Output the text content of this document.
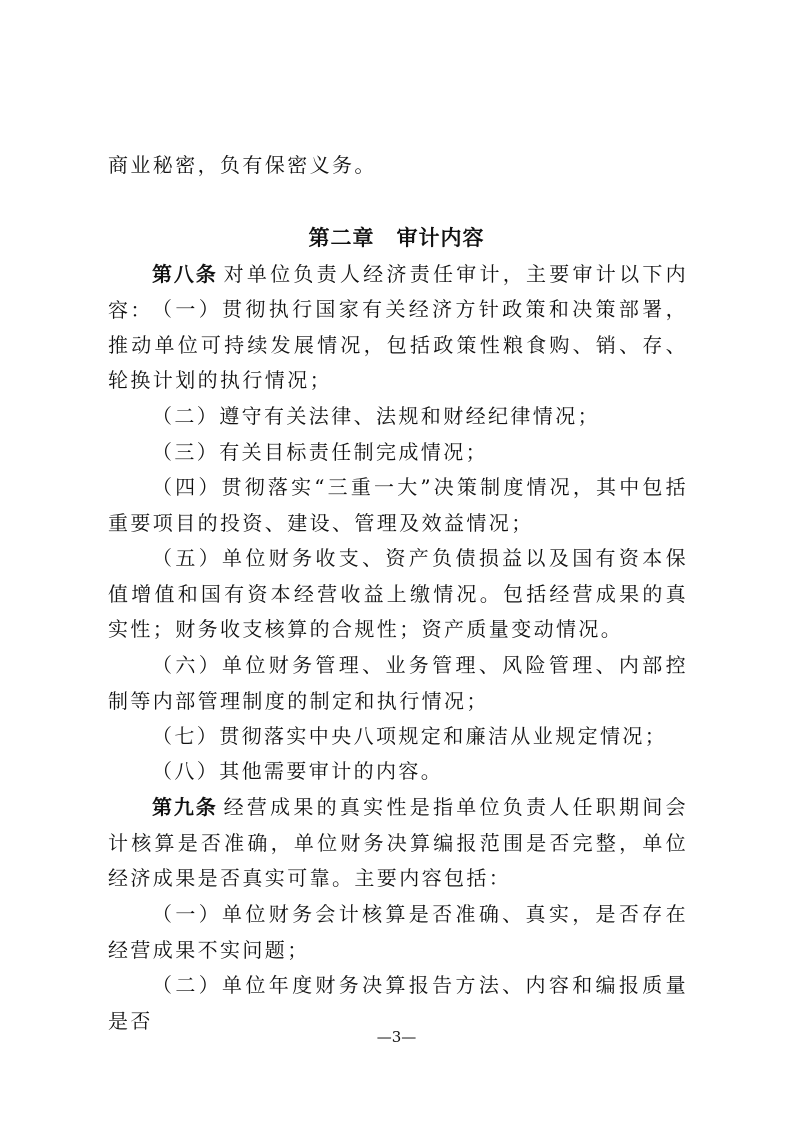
商业秘密，负有保密义务。

第二章 审计内容

第八条 对单位负责人经济责任审计，主要审计以下内容： （一）贯彻执行国家有关经济方针政策和决策部署，推动单位可持续发展情况，包括政策性粮食购、销、存、轮换计划的执行情况；

（二）遵守有关法律、法规和财经纪律情况；

（三）有关目标责任制完成情况；

（四）贯彻落实“三重一大”决策制度情况，其中包括重要项目的投资、建设、管理及效益情况；

（五）单位财务收支、资产负债损益以及国有资本保值增值和国有资本经营收益上缴情况。包括经营成果的真实性；财务收支核算的合规性；资产质量变动情况。

（六）单位财务管理、业务管理、风险管理、内部控制等内部管理制度的制定和执行情况；

（七）贯彻落实中央八项规定和廉洁从业规定情况；

（八）其他需要审计的内容。

第九条 经营成果的真实性是指单位负责人任职期间会计核算是否准确，单位财务决算编报范围是否完整，单位经济成果是否真实可靠。主要内容包括：

（一）单位财务会计核算是否准确、真实，是否存在经营成果不实问题；

（二）单位年度财务决算报告方法、内容和编报质量是否

—3—
